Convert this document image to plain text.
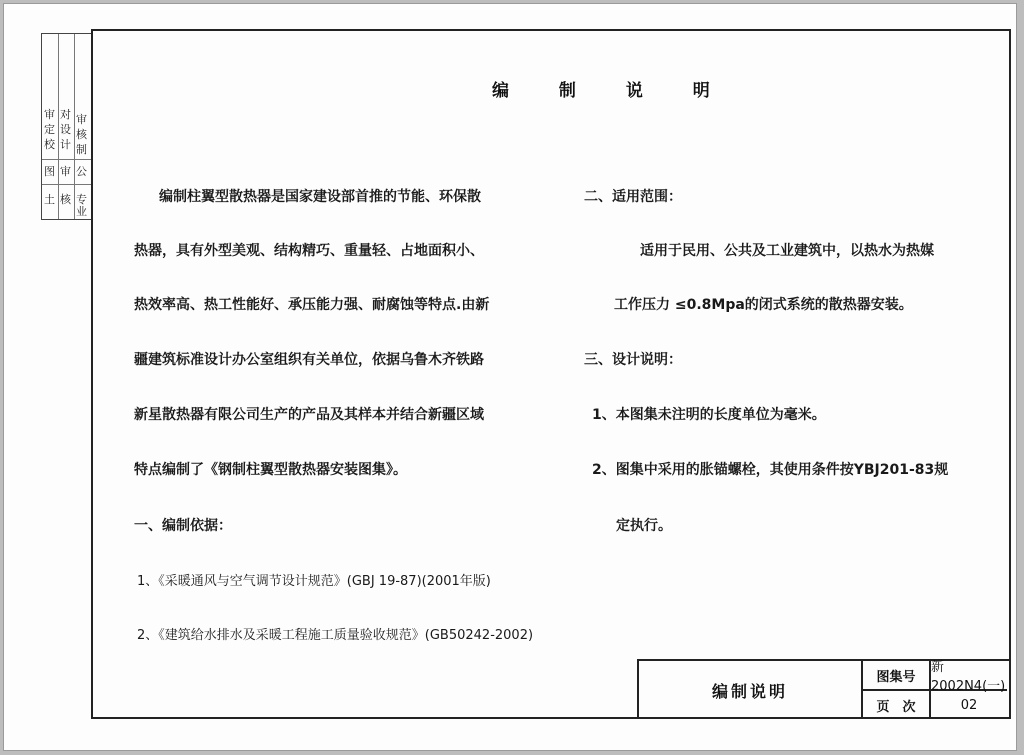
审
定
校
对
设
计
审
核
制
图
土
审
核
公
专
业
编 制 说 明
编制柱翼型散热器是国家建设部首推的节能、环保散
热器，具有外型美观、结构精巧、重量轻、占地面积小、
热效率高、热工性能好、承压能力强、耐腐蚀等特点.由新
疆建筑标准设计办公室组织有关单位，依据乌鲁木齐铁路
新星散热器有限公司生产的产品及其样本并结合新疆区域
特点编制了《钢制柱翼型散热器安装图集》。
一、编制依据：
1、《采暖通风与空气调节设计规范》(GBJ 19-87)(2001年版)
2、《建筑给水排水及采暖工程施工质量验收规范》(GB50242-2002)
二、适用范围：
适用于民用、公共及工业建筑中，以热水为热媒
工作压力 ≤0.8Mpa的闭式系统的散热器安装。
三、设计说明：
1、本图集未注明的长度单位为毫米。
2、图集中采用的胀锚螺栓，其使用条件按YBJ201-83规
定执行。
编制说明
图集号
新2002N4(一)
页　次	02
